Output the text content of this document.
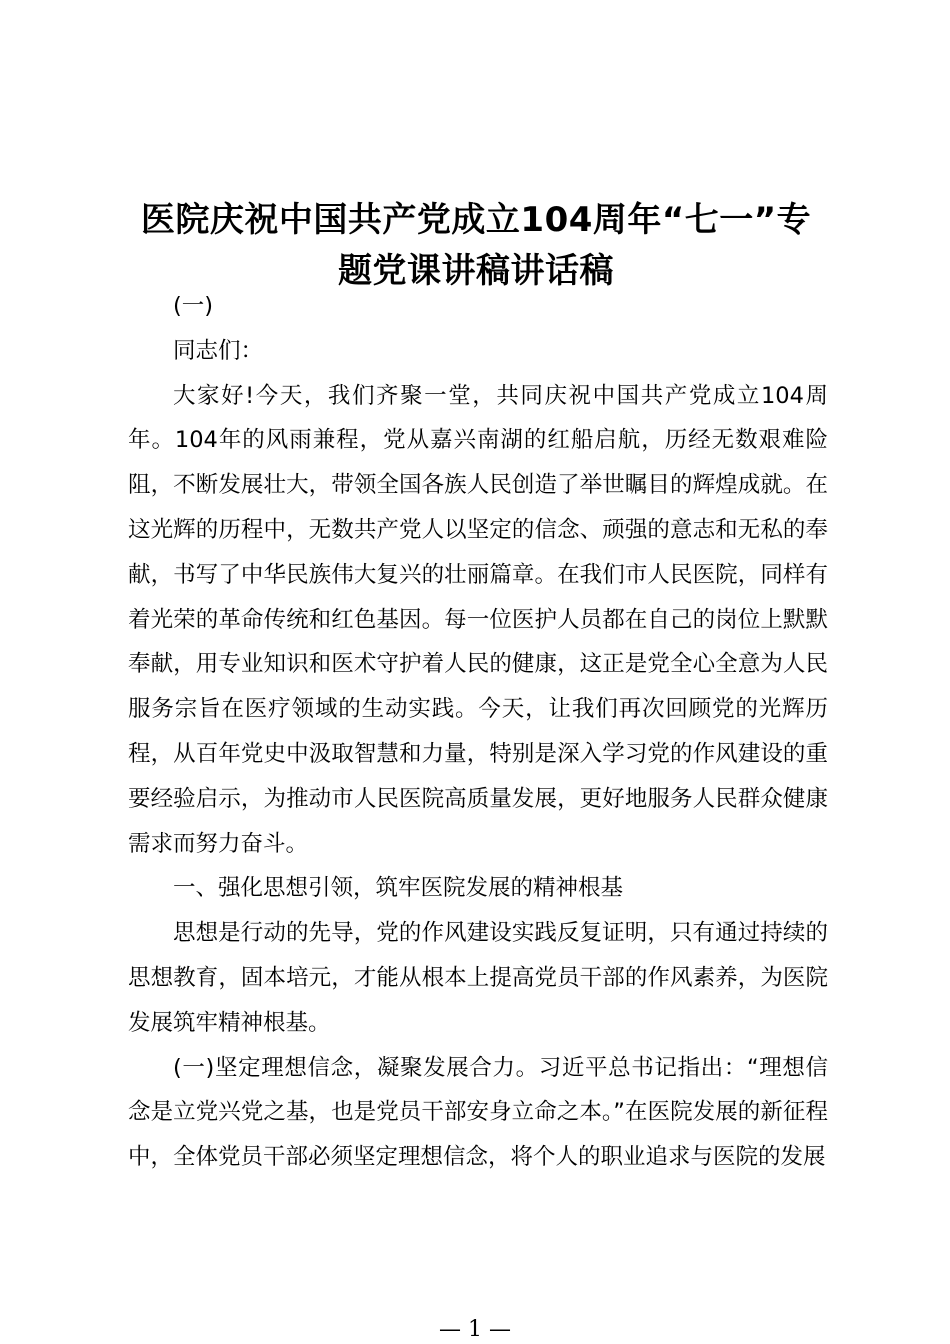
医院庆祝中国共产党成立104周年“七一”专
题党课讲稿讲话稿

(一)

同志们：

大家好!今天，我们齐聚一堂，共同庆祝中国共产党成立104周年。104年的风雨兼程，党从嘉兴南湖的红船启航，历经无数艰难险阻，不断发展壮大，带领全国各族人民创造了举世瞩目的辉煌成就。在这光辉的历程中，无数共产党人以坚定的信念、顽强的意志和无私的奉献，书写了中华民族伟大复兴的壮丽篇章。在我们市人民医院，同样有着光荣的革命传统和红色基因。每一位医护人员都在自己的岗位上默默奉献，用专业知识和医术守护着人民的健康，这正是党全心全意为人民服务宗旨在医疗领域的生动实践。今天，让我们再次回顾党的光辉历程，从百年党史中汲取智慧和力量，特别是深入学习党的作风建设的重要经验启示，为推动市人民医院高质量发展，更好地服务人民群众健康需求而努力奋斗。

一、强化思想引领，筑牢医院发展的精神根基

思想是行动的先导，党的作风建设实践反复证明，只有通过持续的思想教育，固本培元，才能从根本上提高党员干部的作风素养，为医院发展筑牢精神根基。

(一)坚定理想信念，凝聚发展合力。习近平总书记指出：“理想信念是立党兴党之基，也是党员干部安身立命之本。”在医院发展的新征程中，全体党员干部必须坚定理想信念，将个人的职业追求与医院的发展

— 1 —
